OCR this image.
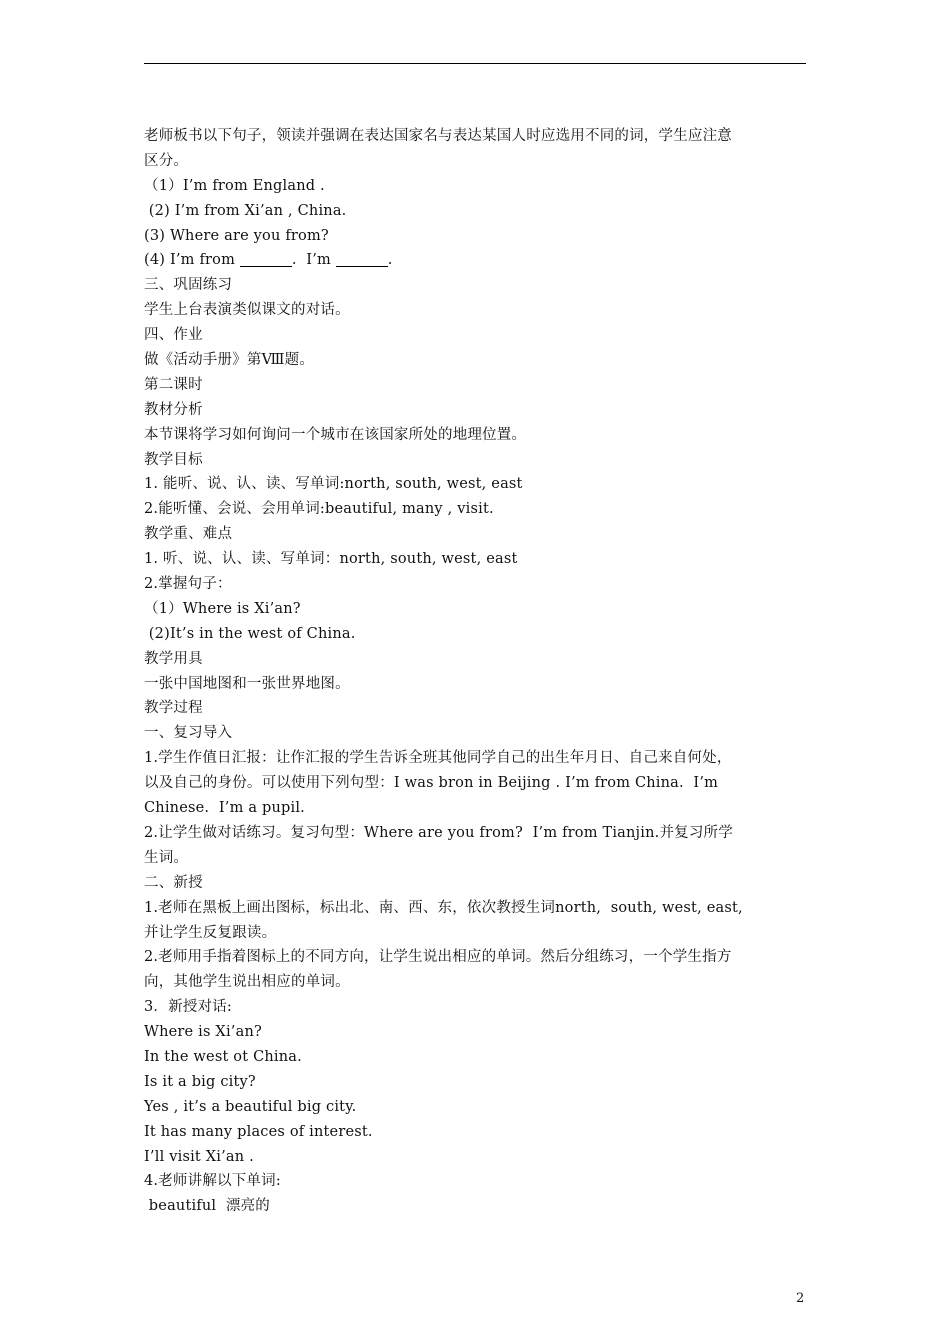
老师板书以下句子，领读并强调在表达国家名与表达某国人时应选用不同的词，学生应注意
区分。
（1）I’m from England .
(2) I’m from Xi’an , China.
(3) Where are you from?
(4) I’m from	.  I’m	.
三、巩固练习
学生上台表演类似课文的对话。
四、作业
做《活动手册》第Ⅷ题。
第二课时
教材分析
本节课将学习如何询问一个城市在该国家所处的地理位置。
教学目标
1. 能听、说、认、读、写单词:north, south, west, east
2.能听懂、会说、会用单词:beautiful, many , visit.
教学重、难点
1. 听、说、认、读、写单词：north, south, west, east
2.掌握句子：
（1）Where is Xi’an?
(2)It’s in the west of China.
教学用具
一张中国地图和一张世界地图。
教学过程
一、复习导入
1.学生作值日汇报：让作汇报的学生告诉全班其他同学自己的出生年月日、自己来自何处，
以及自己的身份。可以使用下列句型：I was bron in Beijing . I’m from China.  I’m
Chinese.  I’m a pupil.
2.让学生做对话练习。复习句型：Where are you from?  I’m from Tianjin.并复习所学
生词。
二、新授
1.老师在黑板上画出图标，标出北、南、西、东，依次教授生词north,  south, west, east,
并让学生反复跟读。
2.老师用手指着图标上的不同方向，让学生说出相应的单词。然后分组练习，一个学生指方
向，其他学生说出相应的单词。
3．新授对话:
Where is Xi’an?
In the west ot China.
Is it a big city?
Yes , it’s a beautiful big city.
It has many places of interest.
I’ll visit Xi’an .
4.老师讲解以下单词:
beautiful  漂亮的
2
